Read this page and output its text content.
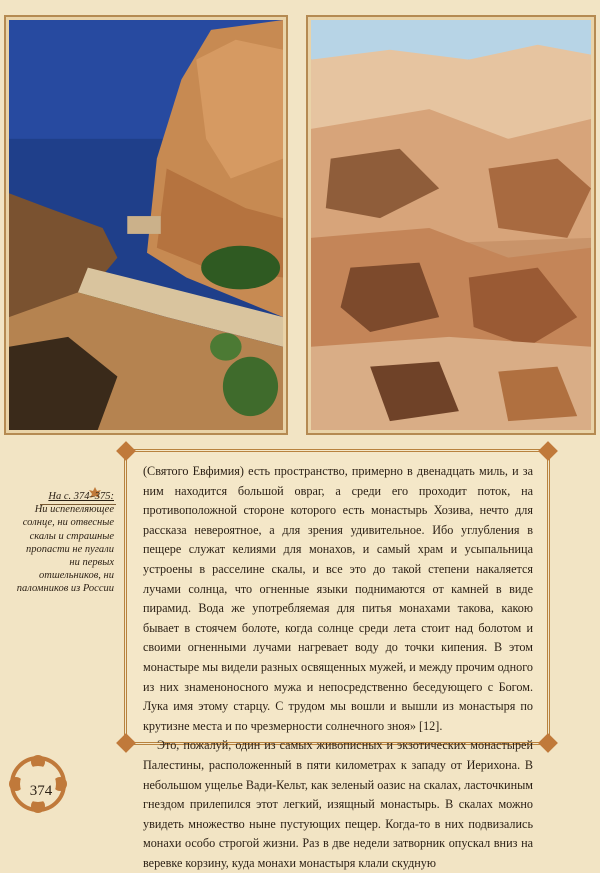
На с. 374–375:
Ни испепеляющее солнце, ни отвесные скалы и страшные пропасти не пугали ни первых отшельников, ни паломников из России

(Святого Евфимия) есть пространство, примерно в двенадцать миль, и за ним находится большой овраг, а среди его проходит поток, на противоположной стороне которого есть монастырь Хозива, нечто для рассказа невероятное, а для зрения удивительное. Ибо углубления в пещере служат келиями для монахов, и самый храм и усыпальница устроены в расселине скалы, и все это до такой степени накаляется лучами солнца, что огненные языки поднимаются от камней в виде пирамид. Вода же употребляемая для питья монахами такова, какою бывает в стоячем болоте, когда солнце среди лета стоит над болотом и своими огненными лучами нагревает воду до точки кипения. В этом монастыре мы видели разных освященных мужей, и между прочим одного из них знаменоносного мужа и непосредственно беседующего с Богом. Лука имя этому старцу. С трудом мы вошли и вышли из монастыря по крутизне места и по чрезмерности солнечного зноя» [12].

Это, пожалуй, один из самых живописных и экзотических монастырей Палестины, расположенный в пяти километрах к западу от Иерихона. В небольшом ущелье Вади-Кельт, как зеленый оазис на скалах, ласточкиным гнездом прилепился этот легкий, изящный монастырь. В скалах можно увидеть множество ныне пустующих пещер. Когда-то в них подвизались монахи особо строгой жизни. Раз в две недели затворник опускал вниз на веревке корзину, куда монахи монастыря клали скудную

374
